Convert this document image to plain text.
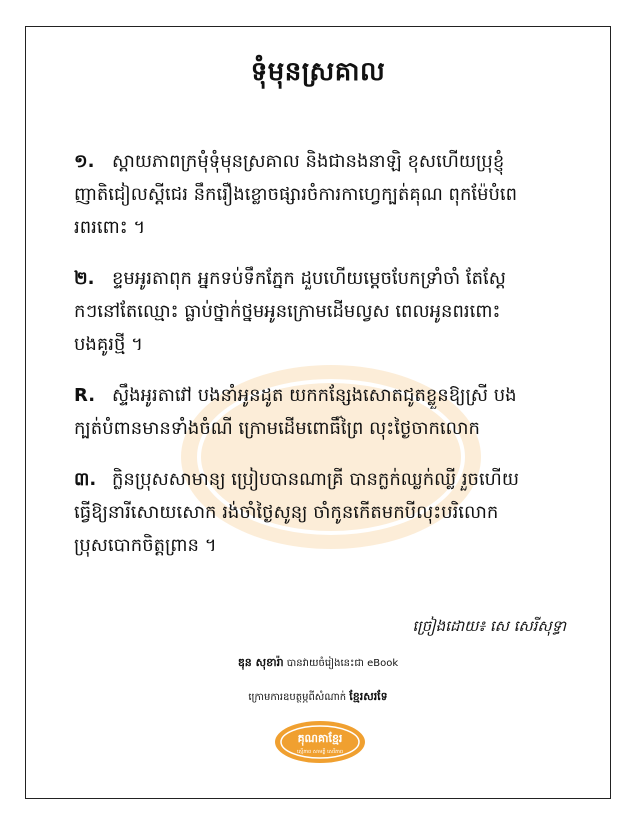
ទុំមុនស្រគាល
១. ស្តាយភាពក្រមុំទុំមុនស្រគាល និងជានងនាឡិ ខុសហើយប្រុខ្ញុំ
ញាតិជៀលស្តីជេរ នឹករឿងខ្លោចផ្សារចំការកាហ្វេក្បត់គុណ ពុកម៉ែបំពេ
រពរពោះ ។
២. ខ្ទមអូរតាពុក អ្នកទប់ទឹកភ្នែក ដួបហើយម្តេចបែកទ្រាំចាំ តែស្ដែ
កៗនៅតែឈ្មោះ ធ្លាប់ថ្នាក់ថ្នមអូនក្រោមដើមល្វស ពេលអូនពរពោះ
បងគូរថ្មី ។
R. ស្ទឹងអូរតាវៅ បងនាំអូនដូត យកកន្សែងសោតជូតខ្លួនឱ្យស្រី បង
ក្បត់បំពានមានទាំងចំណី ក្រោមដើមពោធិ៍ព្រៃ លុះថ្ងៃចាកលោក
៣. ក្លិនប្រុសសាមាន្យ ប្រៀបបានណាគ្រី បានក្លក់ឈ្លក់ឈ្លី រួចហើយ
ធ្វើឱ្យនារីសោយសោក រង់ចាំថ្ងៃសូន្យ ចាំកូនកើតមកបីលុះបរិលោក
ប្រុសបោកចិត្តព្រាន ។
ច្រៀងដោយ៖ សេ សេរីសុទ្ធា
ឌុន សុខារ៉ា បានវាយចំរៀងនេះជា eBook
ក្រោមការឧបត្ថម្ភពីសំណាក់ ខ្មែរសរទែ
គុណគាខ្មែរ
ស្មើភាព សាមគ្គី សេរីភាព
